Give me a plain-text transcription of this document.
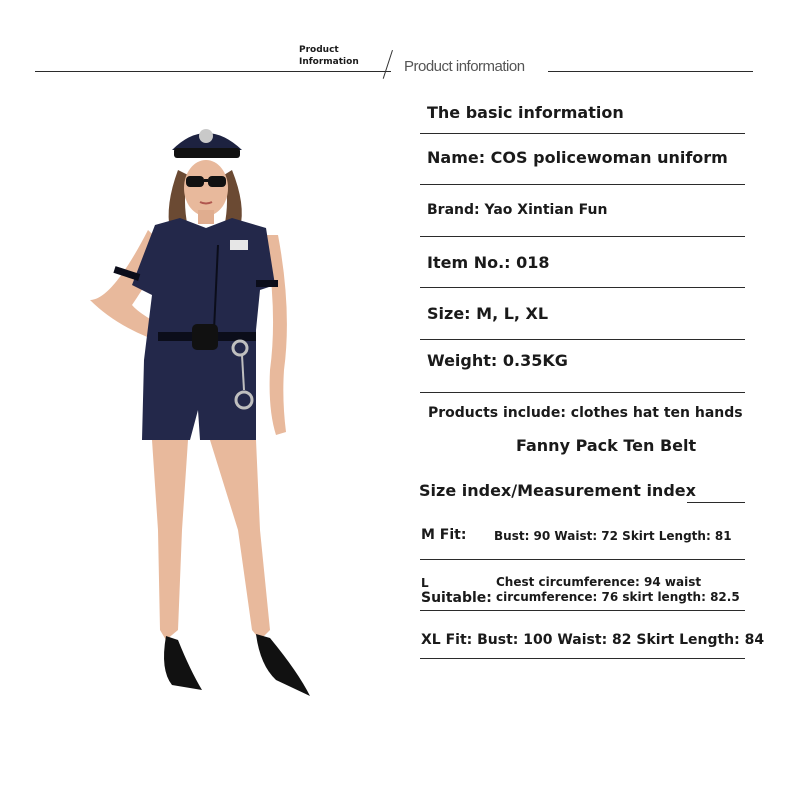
Product
Information	Product information
The basic information
Name: COS policewoman uniform
Brand: Yao Xintian Fun
Item No.: 018
Size: M, L, XL
Weight: 0.35KG
Products include: clothes hat ten hands
Fanny Pack Ten Belt
Size index/Measurement index
M Fit: Bust: 90 Waist: 72 Skirt Length: 81
L
Suitable:
Chest circumference: 94 waist
circumference: 76 skirt length: 82.5
XL Fit: Bust: 100 Waist: 82 Skirt Length: 84
